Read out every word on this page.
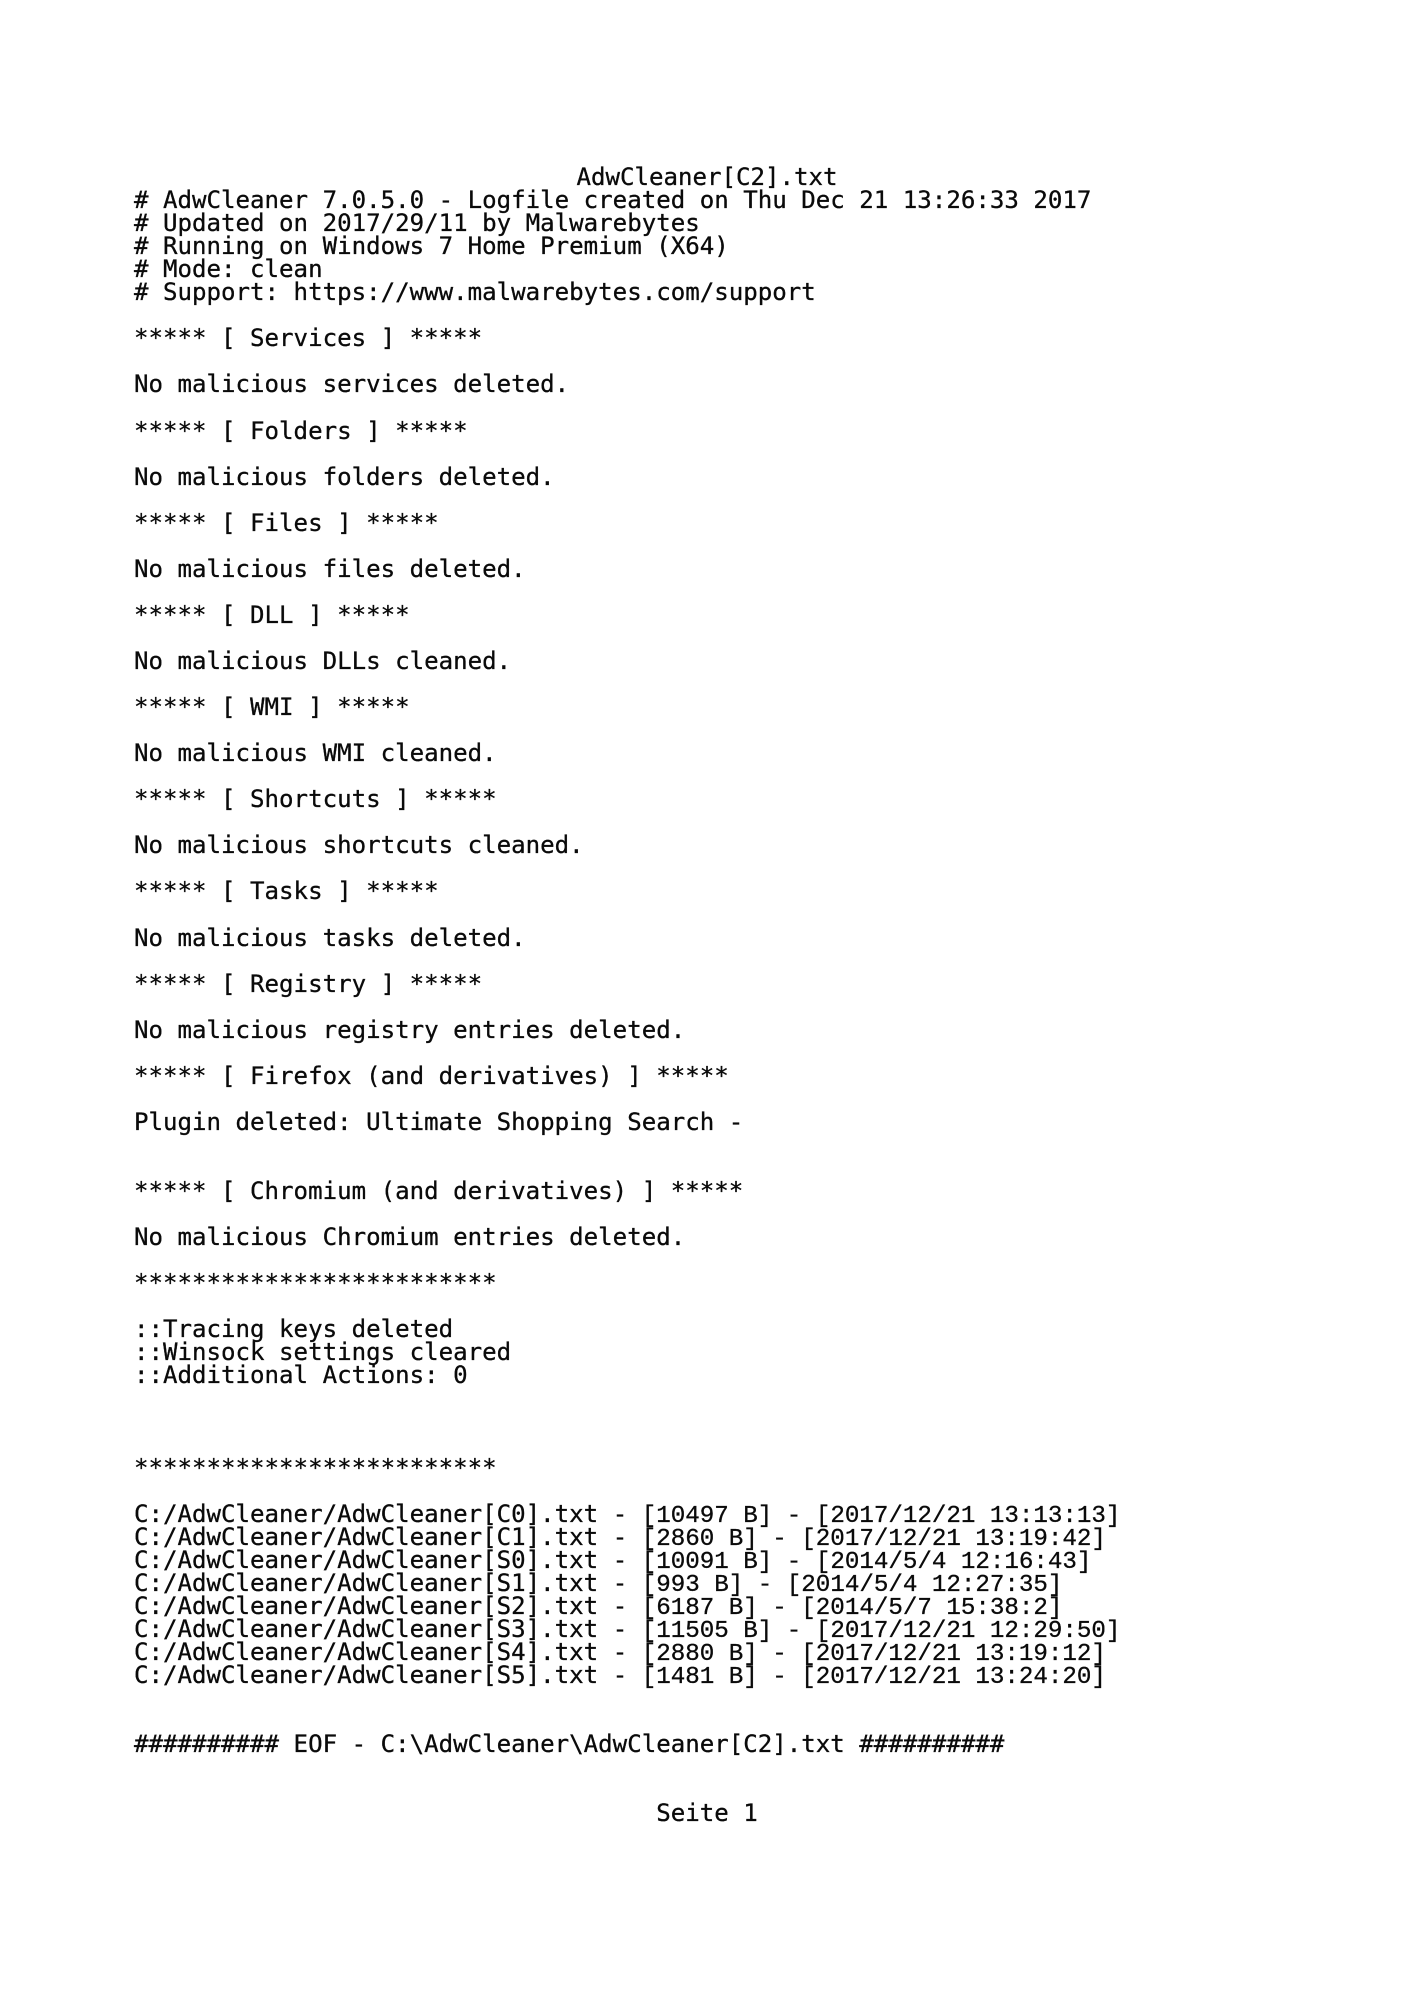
AdwCleaner[C2].txt
# AdwCleaner 7.0.5.0 - Logfile created on Thu Dec 21 13:26:33 2017
# Updated on 2017/29/11 by Malwarebytes
# Running on Windows 7 Home Premium (X64)
# Mode: clean
# Support: https://www.malwarebytes.com/support
***** [ Services ] *****
No malicious services deleted.
***** [ Folders ] *****
No malicious folders deleted.
***** [ Files ] *****
No malicious files deleted.
***** [ DLL ] *****
No malicious DLLs cleaned.
***** [ WMI ] *****
No malicious WMI cleaned.
***** [ Shortcuts ] *****
No malicious shortcuts cleaned.
***** [ Tasks ] *****
No malicious tasks deleted.
***** [ Registry ] *****
No malicious registry entries deleted.
***** [ Firefox (and derivatives) ] *****
Plugin deleted: Ultimate Shopping Search -
***** [ Chromium (and derivatives) ] *****
No malicious Chromium entries deleted.
*************************
::Tracing keys deleted
::Winsock settings cleared
::Additional Actions: 0
*************************
C:/AdwCleaner/AdwCleaner[C0].txt - [10497 B] - [2017/12/21 13:13:13]
C:/AdwCleaner/AdwCleaner[C1].txt - [2860 B] - [2017/12/21 13:19:42]
C:/AdwCleaner/AdwCleaner[S0].txt - [10091 B] - [2014/5/4 12:16:43]
C:/AdwCleaner/AdwCleaner[S1].txt - [993 B] - [2014/5/4 12:27:35]
C:/AdwCleaner/AdwCleaner[S2].txt - [6187 B] - [2014/5/7 15:38:2]
C:/AdwCleaner/AdwCleaner[S3].txt - [11505 B] - [2017/12/21 12:29:50]
C:/AdwCleaner/AdwCleaner[S4].txt - [2880 B] - [2017/12/21 13:19:12]
C:/AdwCleaner/AdwCleaner[S5].txt - [1481 B] - [2017/12/21 13:24:20]
########## EOF - C:\AdwCleaner\AdwCleaner[C2].txt ##########
Seite 1
